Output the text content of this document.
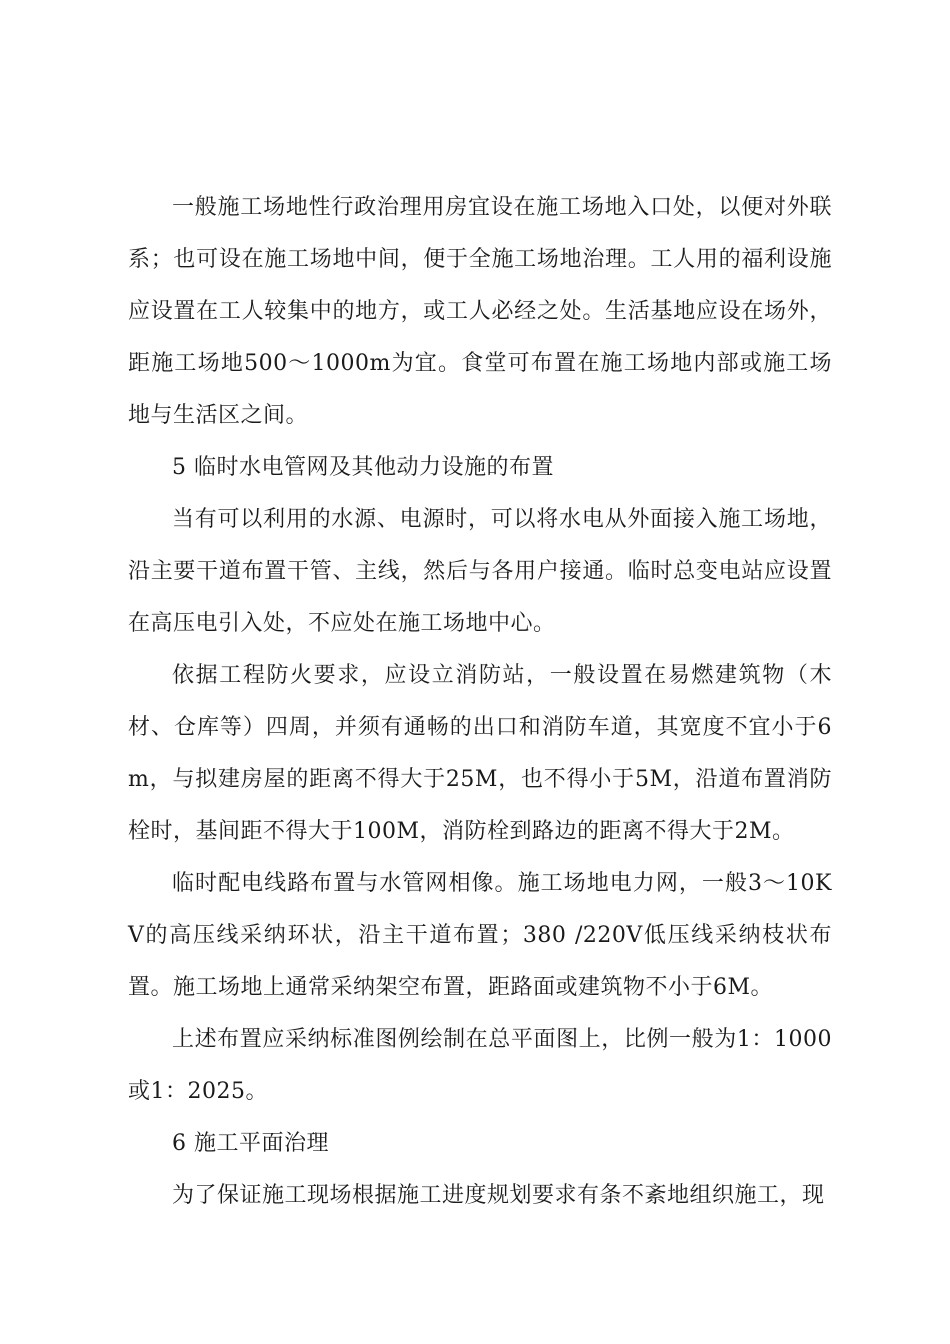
一般施工场地性行政治理用房宜设在施工场地入口处，以便对外联系；也可设在施工场地中间，便于全施工场地治理。工人用的福利设施应设置在工人较集中的地方，或工人必经之处。生活基地应设在场外，距施工场地500～1000m为宜。食堂可布置在施工场地内部或施工场地与生活区之间。

5 临时水电管网及其他动力设施的布置

当有可以利用的水源、电源时，可以将水电从外面接入施工场地，沿主要干道布置干管、主线，然后与各用户接通。临时总变电站应设置在高压电引入处，不应处在施工场地中心。

依据工程防火要求，应设立消防站，一般设置在易燃建筑物（木材、仓库等）四周，并须有通畅的出口和消防车道，其宽度不宜小于6m，与拟建房屋的距离不得大于25M，也不得小于5M，沿道布置消防栓时，基间距不得大于100M，消防栓到路边的距离不得大于2M。

临时配电线路布置与水管网相像。施工场地电力网，一般3～10KV的高压线采纳环状，沿主干道布置；380 /220V低压线采纳枝状布置。施工场地上通常采纳架空布置，距路面或建筑物不小于6M。

上述布置应采纳标准图例绘制在总平面图上，比例一般为1：1000或1：2025。

6 施工平面治理

为了保证施工现场根据施工进度规划要求有条不紊地组织施工，现
